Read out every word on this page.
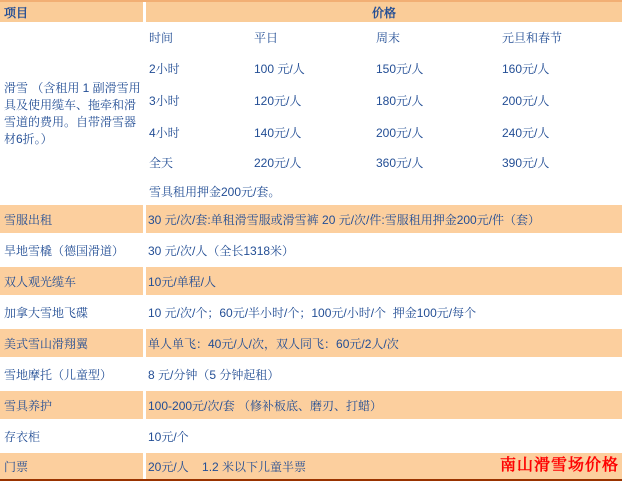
项目	价格
滑雪 （含租用 1 副滑雪用具及使用缆车、拖牵和滑雪道的费用。自带滑雪器材6折。）
时间	平日	周末	元旦和春节
2小时	100 元/人	150元/人	160元/人
3小时	120元/人	180元/人	200元/人
4小时	140元/人	200元/人	240元/人
全天	220元/人	360元/人	390元/人
雪具租用押金200元/套。
雪服出租	30 元/次/套:单租滑雪服或滑雪裤 20 元/次/件:雪服租用押金200元/件（套）
旱地雪橇（德国滑道）	30 元/次/人（全长1318米）
双人观光缆车	10元/单程/人
加拿大雪地飞碟	10 元/次/个；60元/半小时/个；100元/小时/个  押金100元/每个
美式雪山滑翔翼	单人单飞：40元/人/次，双人同飞：60元/2人/次
雪地摩托（儿童型）	8 元/分钟（5 分钟起租）
雪具养护	100-200元/次/套 （修补板底、磨刃、打蜡）
存衣柜	10元/个
门票	20元/人    1.2 米以下儿童半票	南山滑雪场价格
